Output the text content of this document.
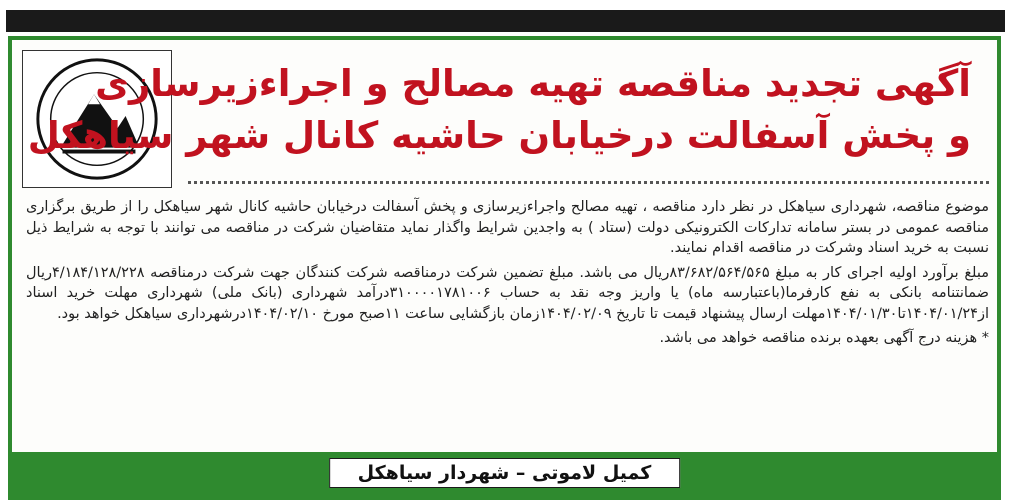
آگهی تجدید مناقصه تهیه مصالح و اجراءزیرسازی
و پخش آسفالت درخیابان حاشیه کانال شهر سیاهکل

موضوع مناقصه، شهرداری سیاهکل در نظر دارد مناقصه ، تهیه مصالح واجراءزیرسازی و پخش آسفالت درخیابان حاشیه کانال شهر سیاهکل را از طریق برگزاری مناقصه عمومی در بستر سامانه تدارکات الکترونیکی دولت (ستاد ) به واجدین شرایط واگذار نماید متقاضیان شرکت در مناقصه می توانند با توجه به شرایط ذیل نسبت به خرید اسناد وشرکت در مناقصه اقدام نمایند.

مبلغ برآورد اولیه اجرای کار به مبلغ ۸۳/۶۸۲/۵۶۴/۵۶۵ریال می باشد. مبلغ تضمین شرکت درمناقصه شرکت کنندگان جهت شرکت درمناقصه ۴/۱۸۴/۱۲۸/۲۲۸ریال ضمانتنامه بانکی به نفع کارفرما(باعتبارسه ماه) یا واریز وجه نقد به حساب ۳۱۰۰۰۰۱۷۸۱۰۰۶درآمد شهرداری (بانک ملی) شهرداری مهلت خرید اسناد از۱۴۰۴/۰۱/۲۴تا۱۴۰۴/۰۱/۳۰مهلت ارسال پیشنهاد قیمت تا تاریخ ۱۴۰۴/۰۲/۰۹زمان بازگشایی ساعت ۱۱صبح مورخ ۱۴۰۴/۰۲/۱۰درشهرداری سیاهکل خواهد بود.

* هزینه درج آگهی بعهده برنده مناقصه خواهد می باشد.

کمیل لاموتی – شهردار سیاهکل
